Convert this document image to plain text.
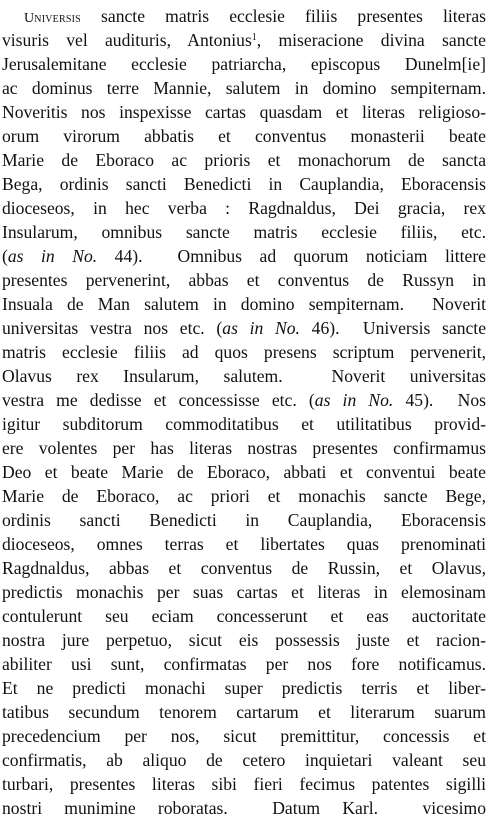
Universis sancte matris ecclesie filiis presentes literas
visuris vel audituris, Antonius$^1$, miseracione divina sancte
Jerusalemitane ecclesie patriarcha, episcopus Dunelm[ie]
ac dominus terre Mannie, salutem in domino sempiternam.
Noveritis nos inspexisse cartas quasdam et literas religioso-
orum virorum abbatis et conventus monasterii beate
Marie de Eboraco ac prioris et monachorum de sancta
Bega, ordinis sancti Benedicti in Cauplandia, Eboracensis
dioceseos, in hec verba : Ragdnaldus, Dei gracia, rex
Insularum, omnibus sancte matris ecclesie filiis, etc.
(as in No. 44).  Omnibus ad quorum noticiam littere
presentes pervenerint, abbas et conventus de Russyn in
Insuala de Man salutem in domino sempiternam.  Noverit
universitas vestra nos etc. (as in No. 46).  Universis sancte
matris ecclesie filiis ad quos presens scriptum pervenerit,
Olavus rex Insularum, salutem.  Noverit universitas
vestra me dedisse et concessisse etc. (as in No. 45).  Nos
igitur subditorum commoditatibus et utilitatibus provid-
ere volentes per has literas nostras presentes confirmamus
Deo et beate Marie de Eboraco, abbati et conventui beate
Marie de Eboraco, ac priori et monachis sancte Bege,
ordinis sancti Benedicti in Cauplandia, Eboracensis
dioceseos, omnes terras et libertates quas prenominati
Ragdnaldus, abbas et conventus de Russin, et Olavus,
predictis monachis per suas cartas et literas in elemosinam
contulerunt seu eciam concesserunt et eas auctoritate
nostra jure perpetuo, sicut eis possessis juste et racion-
abiliter usi sunt, confirmatas per nos fore notificamus.
Et ne predicti monachi super predictis terris et liber-
tatibus secundum tenorem cartarum et literarum suarum
precedencium per nos, sicut premittitur, concessis et
confirmatis, ab aliquo de cetero inquietari valeant seu
turbari, presentes literas sibi fieri fecimus patentes sigilli
nostri munimine roboratas.  Datum Karl.  vicesimo
